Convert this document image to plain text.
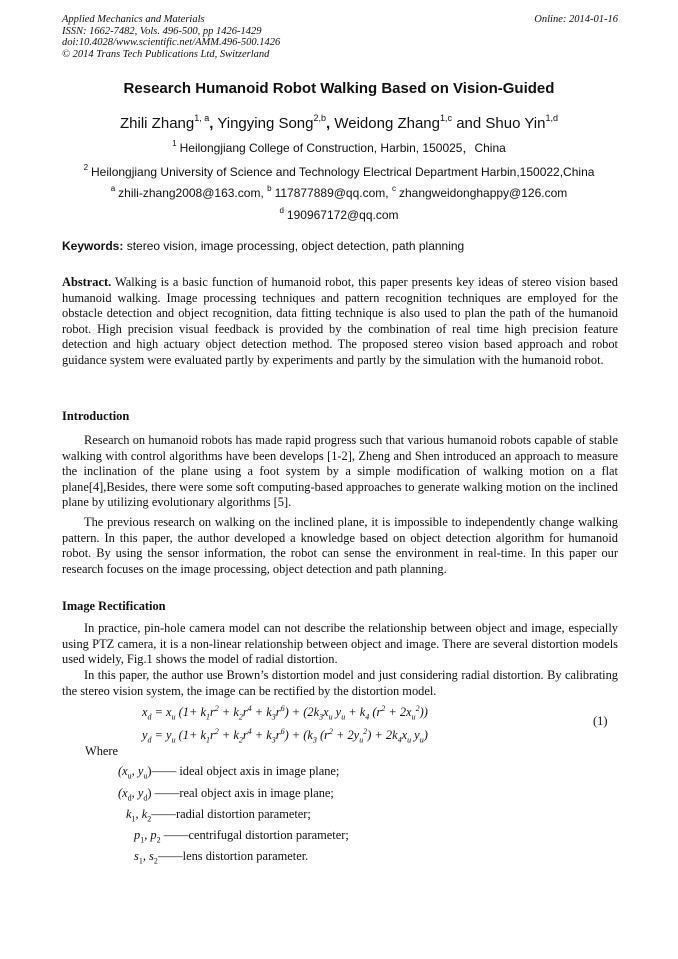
Applied Mechanics and Materials
ISSN: 1662-7482, Vols. 496-500, pp 1426-1429
doi:10.4028/www.scientific.net/AMM.496-500.1426
© 2014 Trans Tech Publications Ltd, Switzerland
Online: 2014-01-16
Research Humanoid Robot Walking Based on Vision-Guided
Zhili Zhang$^{1, a}$, Yingying Song$^{2,b}$, Weidong Zhang$^{1,c}$ and Shuo Yin$^{1,d}$
$^1$ Heilongjiang College of Construction, Harbin, 150025，China
$^2$ Heilongjiang University of Science and Technology Electrical Department Harbin,150022,China
$^a$ zhili-zhang2008@163.com, $^b$ 117877889@qq.com, $^c$ zhangweidonghappy@126.com
$^d$ 190967172@qq.com
Keywords: stereo vision, image processing, object detection, path planning
Abstract. Walking is a basic function of humanoid robot, this paper presents key ideas of stereo vision based humanoid walking. Image processing techniques and pattern recognition techniques are employed for the obstacle detection and object recognition, data fitting technique is also used to plan the path of the humanoid robot. High precision visual feedback is provided by the combination of real time high precision feature detection and high actuary object detection method. The proposed stereo vision based approach and robot guidance system were evaluated partly by experiments and partly by the simulation with the humanoid robot.
Introduction
Research on humanoid robots has made rapid progress such that various humanoid robots capable of stable walking with control algorithms have been develops [1-2], Zheng and Shen introduced an approach to measure the inclination of the plane using a foot system by a simple modification of walking motion on a flat plane[4],Besides, there were some soft computing-based approaches to generate walking motion on the inclined plane by utilizing evolutionary algorithms [5].
The previous research on walking on the inclined plane, it is impossible to independently change walking pattern. In this paper, the author developed a knowledge based on object detection algorithm for humanoid robot. By using the sensor information, the robot can sense the environment in real-time. In this paper our research focuses on the image processing, object detection and path planning.
Image Rectification
In practice, pin-hole camera model can not describe the relationship between object and image, especially using PTZ camera, it is a non-linear relationship between object and image. There are several distortion models used widely, Fig.1 shows the model of radial distortion.
In this paper, the author use Brown’s distortion model and just considering radial distortion. By calibrating the stereo vision system, the image can be rectified by the distortion model.
$x_d = x_u$ $(1+ k_1r^2 + k_2r^4 + k_3r^6) + (2k_3x_u$ $y_u + k_4$ $(r^2 + 2x_u^2)$)
$y_d = y_u$ $(1+ k_1r^2 + k_2r^4 + k_3r^6) + (k_3$ $(r^2 + 2y_u^2) + 2k_4x_u$ $y_u$)
(1)
Where
($x_u$, $y_u)——$ ideal object axis in image plane;
($x_d$, $y_d$) ——real object axis in image plane;
$k_1$, $k_2——radial$ distortion parameter;
$p_1$, $p_2$ ——centrifugal distortion parameter;
$s_1$, $s_2——lens$ distortion parameter.
